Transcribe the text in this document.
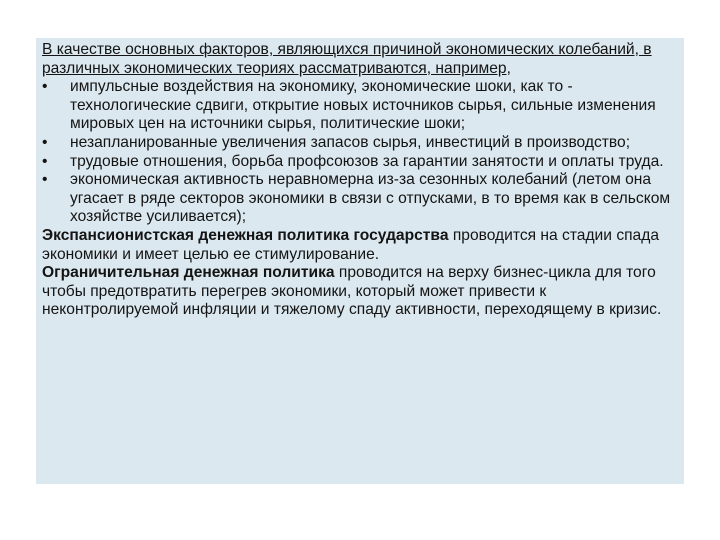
В качестве основных факторов, являющихся причиной экономических колебаний, в различных экономических теориях рассматриваются, например,

•	импульсные воздействия на экономику, экономические шоки, как то - технологические сдвиги, открытие новых источников сырья, сильные изменения мировых цен на источники сырья, политические шоки;
•	незапланированные увеличения запасов сырья, инвестиций в производство;
•	трудовые отношения, борьба профсоюзов за гарантии занятости и оплаты труда.
•	экономическая активность неравномерна из-за сезонных колебаний (летом она угасает в ряде секторов экономики в связи с отпусками, в то время как в сельском хозяйстве усиливается);

Экспансионистская денежная политика государства проводится на стадии спада экономики и имеет целью ее стимулирование.

Ограничительная денежная политика проводится на верху бизнес-цикла для того чтобы предотвратить перегрев экономики, который может привести к неконтролируемой инфляции и тяжелому спаду активности, переходящему в кризис.
